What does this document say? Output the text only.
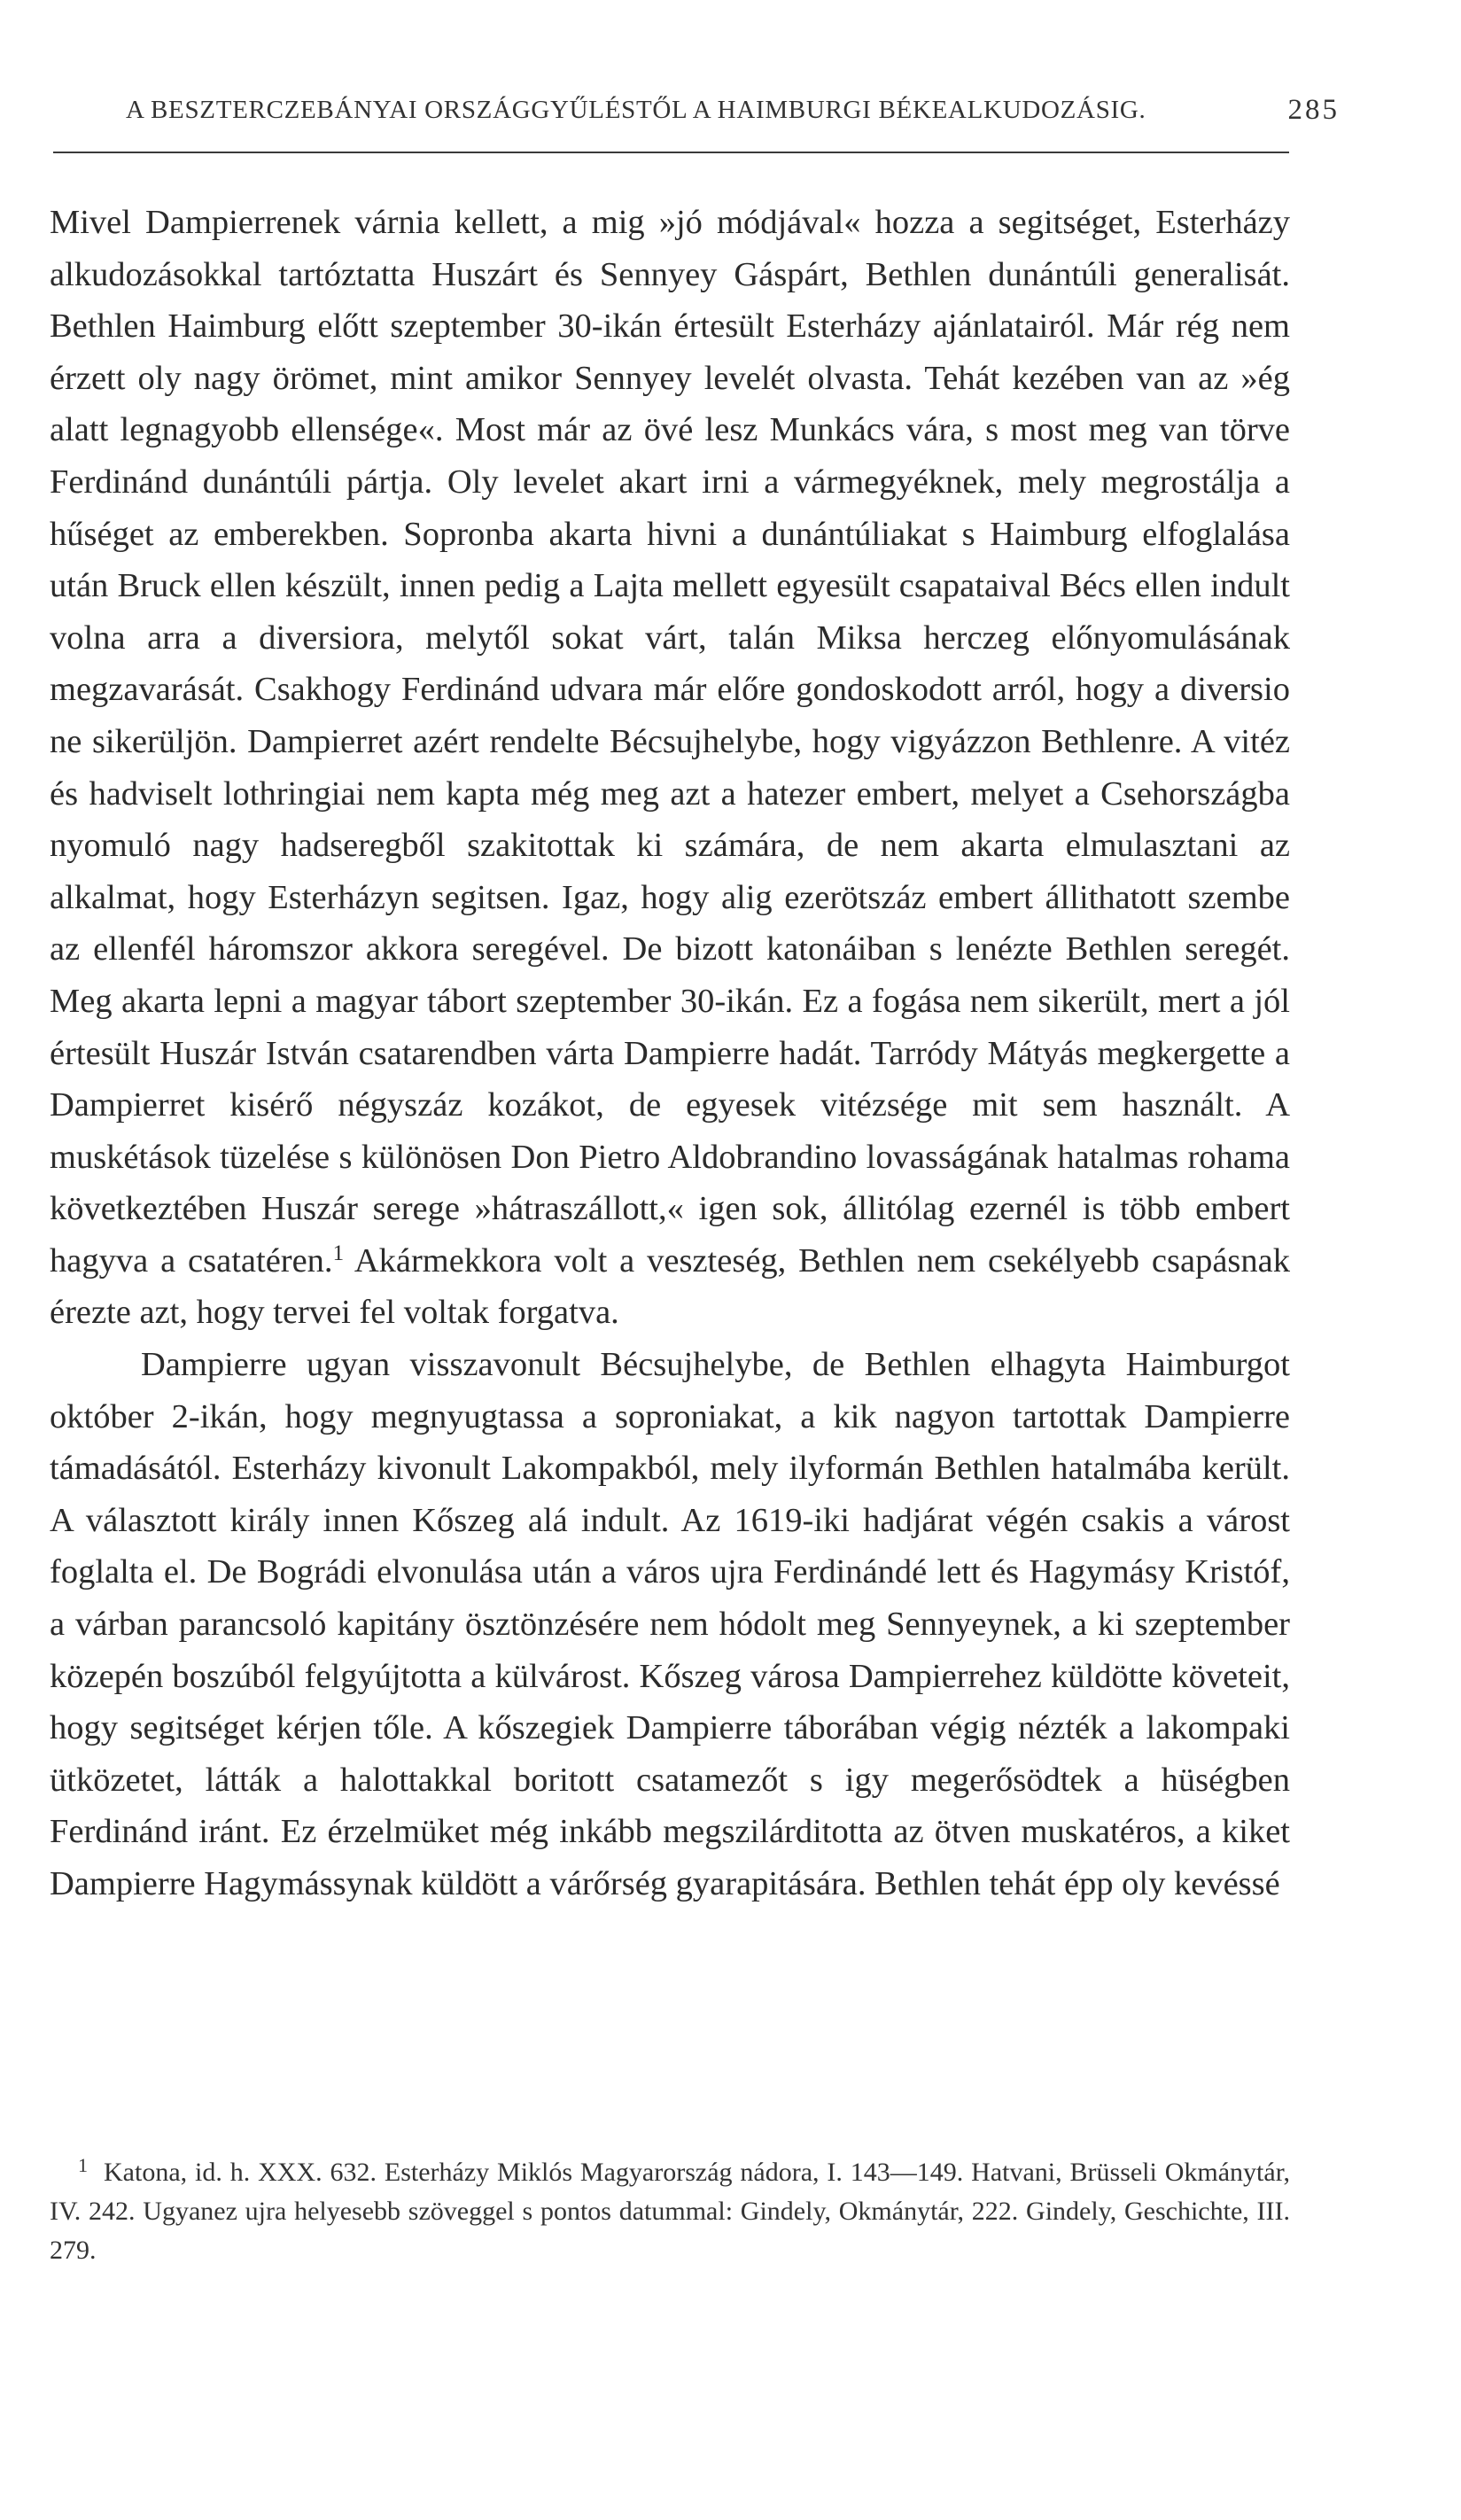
A BESZTERCZEBÁNYAI ORSZÁGGYŰLÉSTŐL A HAIMBURGI BÉKEALKUDOZÁSIG.	285

Mivel Dampierrenek várnia kellett, a mig »jó módjával« hozza a segitséget, Esterházy alkudozásokkal tartóztatta Huszárt és Sennyey Gáspárt, Bethlen dunántúli generalisát. Bethlen Haimburg előtt szeptember 30-ikán értesült Esterházy ajánlatairól. Már rég nem érzett oly nagy örömet, mint amikor Sennyey levelét olvasta. Tehát kezében van az »ég alatt legnagyobb ellensége«. Most már az övé lesz Munkács vára, s most meg van törve Ferdinánd dunántúli pártja. Oly levelet akart irni a vármegyéknek, mely megrostálja a hűséget az emberekben. Sopronba akarta hivni a dunántúliakat s Haimburg elfoglalása után Bruck ellen készült, innen pedig a Lajta mellett egyesült csapataival Bécs ellen indult volna arra a diversiora, melytől sokat várt, talán Miksa herczeg előnyomulásának megzavarását. Csakhogy Ferdinánd udvara már előre gondoskodott arról, hogy a diversio ne sikerüljön. Dampierret azért rendelte Bécsujhelybe, hogy vigyázzon Bethlenre. A vitéz és hadviselt lothringiai nem kapta még meg azt a hatezer embert, melyet a Csehországba nyomuló nagy hadseregből szakitottak ki számára, de nem akarta elmulasztani az alkalmat, hogy Esterházyn segitsen. Igaz, hogy alig ezerötszáz embert állithatott szembe az ellenfél háromszor akkora seregével. De bizott katonáiban s lenézte Bethlen seregét. Meg akarta lepni a magyar tábort szeptember 30-ikán. Ez a fogása nem sikerült, mert a jól értesült Huszár István csatarendben várta Dampierre hadát. Tarródy Mátyás megkergette a Dampierret kisérő négyszáz kozákot, de egyesek vitézsége mit sem használt. A muskétások tüzelése s különösen Don Pietro Aldobrandino lovasságának hatalmas rohama következtében Huszár serege »hátraszállott,« igen sok, állitólag ezernél is több embert hagyva a csatatéren.$^1$ Akármekkora volt a veszteség, Bethlen nem csekélyebb csapásnak érezte azt, hogy tervei fel voltak forgatva.

Dampierre ugyan visszavonult Bécsujhelybe, de Bethlen elhagyta Haimburgot október 2-ikán, hogy megnyugtassa a soproniakat, a kik nagyon tartottak Dampierre támadásától. Esterházy kivonult Lakompakból, mely ilyformán Bethlen hatalmába került. A választott király innen Kőszeg alá indult. Az 1619-iki hadjárat végén csakis a várost foglalta el. De Bográdi elvonulása után a város ujra Ferdinándé lett és Hagymásy Kristóf, a várban parancsoló kapitány ösztönzésére nem hódolt meg Sennyeynek, a ki szeptember közepén boszúból felgyújtotta a külvárost. Kőszeg városa Dampierrehez küldötte követeit, hogy segitséget kérjen tőle. A kőszegiek Dampierre táborában végig nézték a lakompaki ütközetet, látták a halottakkal boritott csatamezőt s igy megerősödtek a hüségben Ferdinánd iránt. Ez érzelmüket még inkább megszilárditotta az ötven muskatéros, a kiket Dampierre Hagymássynak küldött a várőrség gyarapitására. Bethlen tehát épp oly kevéssé

$^1$ Katona, id. h. XXX. 632. Esterházy Miklós Magyarország nádora, I. 143—149. Hatvani, Brüsseli Okmánytár, IV. 242. Ugyanez ujra helyesebb szöveggel s pontos datummal: Gindely, Okmánytár, 222. Gindely, Geschichte, III. 279.
